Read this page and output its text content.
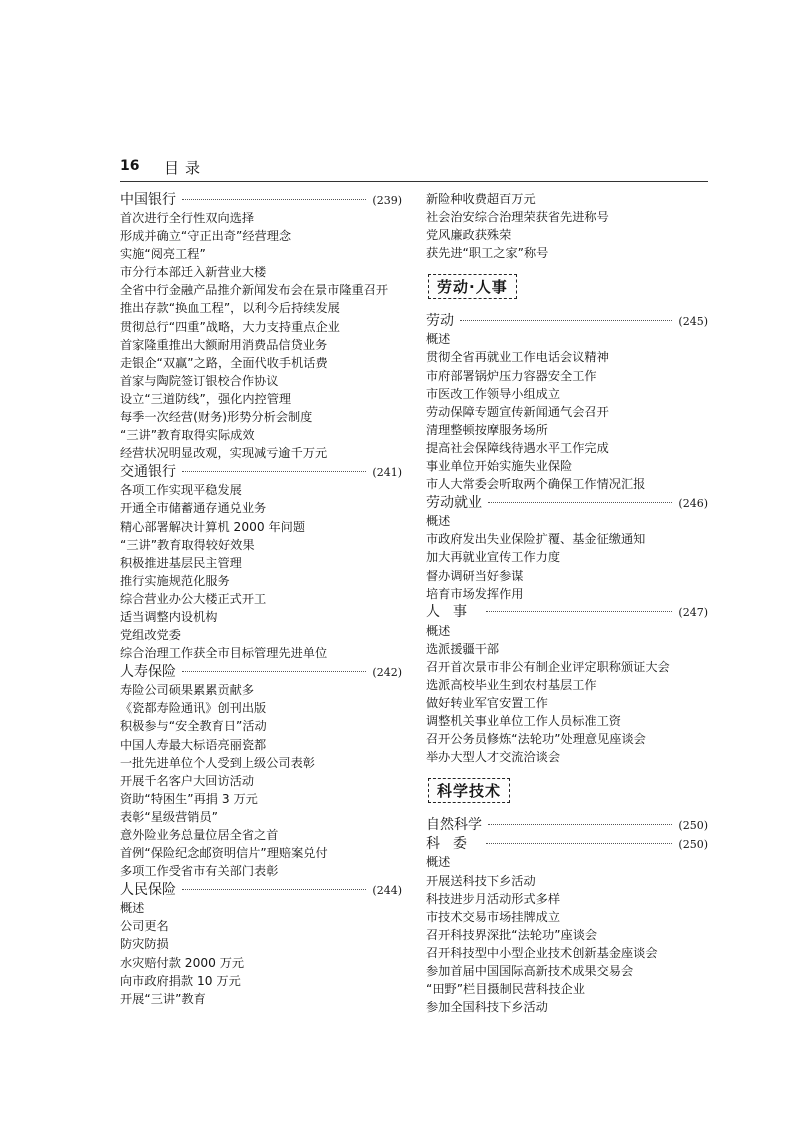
16 目录
中国银行	(239)
首次进行全行性双向选择
形成并确立“守正出奇”经营理念
实施“阅亮工程”
市分行本部迁入新营业大楼
全省中行金融产品推介新闻发布会在景市隆重召开
推出存款“换血工程”，以利今后持续发展
贯彻总行“四重”战略，大力支持重点企业
首家隆重推出大额耐用消费品信贷业务
走银企“双赢”之路，全面代收手机话费
首家与陶院签订银校合作协议
设立“三道防线”，强化内控管理
每季一次经营(财务)形势分析会制度
“三讲”教育取得实际成效
经营状况明显改观，实现减亏逾千万元
交通银行	(241)
各项工作实现平稳发展
开通全市储蓄通存通兑业务
精心部署解决计算机 2000 年问题
“三讲”教育取得较好效果
积极推进基层民主管理
推行实施规范化服务
综合营业办公大楼正式开工
适当调整内设机构
党组改党委
综合治理工作获全市目标管理先进单位
人寿保险	(242)
寿险公司硕果累累贡献多
《瓷都寿险通讯》创刊出版
积极参与“安全教育日”活动
中国人寿最大标语亮丽瓷都
一批先进单位个人受到上级公司表彰
开展千名客户大回访活动
资助“特困生”再捐 3 万元
表彰“星级营销员”
意外险业务总量位居全省之首
首例“保险纪念邮资明信片”理赔案兑付
多项工作受省市有关部门表彰
人民保险	(244)
概述
公司更名
防灾防损
水灾赔付款 2000 万元
向市政府捐款 10 万元
开展“三讲”教育
新险种收费超百万元
社会治安综合治理荣获省先进称号
党风廉政获殊荣
获先进“职工之家”称号
劳动·人事
劳动	(245)
概述
贯彻全省再就业工作电话会议精神
市府部署锅炉压力容器安全工作
市医改工作领导小组成立
劳动保障专题宣传新闻通气会召开
清理整顿按摩服务场所
提高社会保障线待遇水平工作完成
事业单位开始实施失业保险
市人大常委会听取两个确保工作情况汇报
劳动就业	(246)
概述
市政府发出失业保险扩覆、基金征缴通知
加大再就业宣传工作力度
督办调研当好参谋
培育市场发挥作用
人事	(247)
概述
选派援疆干部
召开首次景市非公有制企业评定职称颁证大会
选派高校毕业生到农村基层工作
做好转业军官安置工作
调整机关事业单位工作人员标准工资
召开公务员修炼“法轮功”处理意见座谈会
举办大型人才交流洽谈会
科学技术
自然科学	(250)
科委	(250)
概述
开展送科技下乡活动
科技进步月活动形式多样
市技术交易市场挂牌成立
召开科技界深批“法轮功”座谈会
召开科技型中小型企业技术创新基金座谈会
参加首届中国国际高新技术成果交易会
“田野”栏目摄制民营科技企业
参加全国科技下乡活动
